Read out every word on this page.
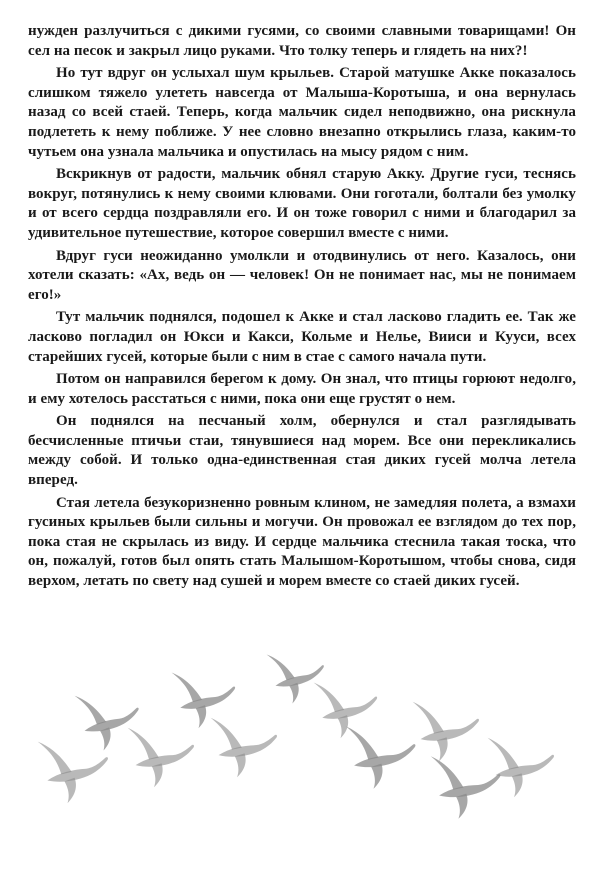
нужден разлучиться с дикими гусями, со своими славными товарищами! Он сел на песок и закрыл лицо руками. Что толку теперь и глядеть на них?!

Но тут вдруг он услыхал шум крыльев. Старой матушке Акке показалось слишком тяжело улететь навсегда от Малыша-Коротыша, и она вернулась назад со всей стаей. Теперь, когда мальчик сидел неподвижно, она рискнула подлететь к нему поближе. У нее словно внезапно открылись глаза, каким-то чутьем она узнала мальчика и опустилась на мысу рядом с ним.

Вскрикнув от радости, мальчик обнял старую Акку. Другие гуси, теснясь вокруг, потянулись к нему своими клювами. Они гоготали, болтали без умолку и от всего сердца поздравляли его. И он тоже говорил с ними и благодарил за удивительное путешествие, которое совершил вместе с ними.

Вдруг гуси неожиданно умолкли и отодвинулись от него. Казалось, они хотели сказать: «Ах, ведь он — человек! Он не понимает нас, мы не понимаем его!»

Тут мальчик поднялся, подошел к Акке и стал ласково гладить ее. Так же ласково погладил он Юкси и Какси, Кольме и Нелье, Вииси и Кууси, всех старейших гусей, которые были с ним в стае с самого начала пути.

Потом он направился берегом к дому. Он знал, что птицы горюют недолго, и ему хотелось расстаться с ними, пока они еще грустят о нем.

Он поднялся на песчаный холм, обернулся и стал разглядывать бесчисленные птичьи стаи, тянувшиеся над морем. Все они перекликались между собой. И только одна-единственная стая диких гусей молча летела вперед.

Стая летела безукоризненно ровным клином, не замедляя полета, а взмахи гусиных крыльев были сильны и могучи. Он провожал ее взглядом до тех пор, пока стая не скрылась из виду. И сердце мальчика стеснила такая тоска, что он, пожалуй, готов был опять стать Малышом-Коротышом, чтобы снова, сидя верхом, летать по свету над сушей и морем вместе со стаей диких гусей.
